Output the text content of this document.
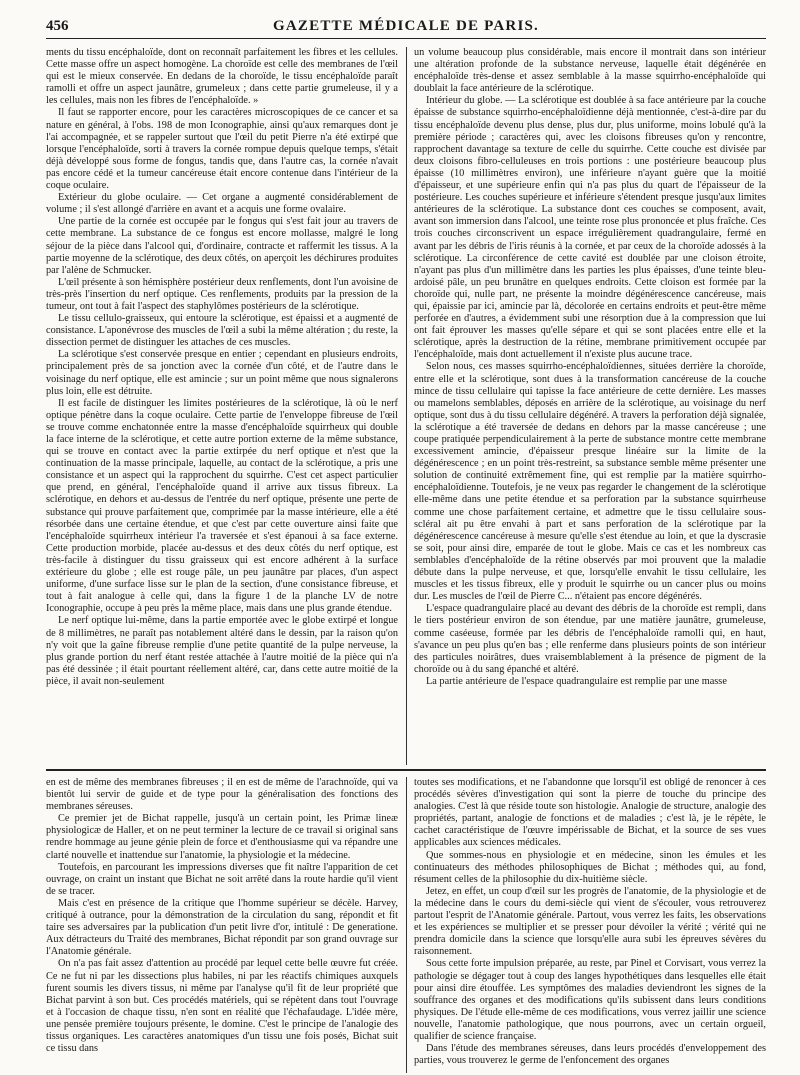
456	GAZETTE MÉDICALE DE PARIS.

ments du tissu encéphaloïde, dont on reconnaît parfaitement les fibres et les cellules. Cette masse offre un aspect homogène. La choroïde est celle des membranes de l'œil qui est le mieux conservée. En dedans de la choroïde, le tissu encéphaloïde paraît ramolli et offre un aspect jaunâtre, grumeleux ; dans cette partie grumeleuse, il y a les cellules, mais non les fibres de l'encéphaloïde. »

Il faut se rapporter encore, pour les caractères microscopiques de ce cancer et sa nature en général, à l'obs. 198 de mon Iconographie, ainsi qu'aux remarques dont je l'ai accompagnée, et se rappeler surtout que l'œil du petit Pierre n'a été extirpé que lorsque l'encéphaloïde, sorti à travers la cornée rompue depuis quelque temps, s'était déjà développé sous forme de fongus, tandis que, dans l'autre cas, la cornée n'avait pas encore cédé et la tumeur cancéreuse était encore contenue dans l'intérieur de la coque oculaire.

Extérieur du globe oculaire. — Cet organe a augmenté considérablement de volume ; il s'est allongé d'arrière en avant et a acquis une forme ovalaire.

Une partie de la cornée est occupée par le fongus qui s'est fait jour au travers de cette membrane. La substance de ce fongus est encore mollasse, malgré le long séjour de la pièce dans l'alcool qui, d'ordinaire, contracte et raffermit les tissus. A la partie moyenne de la sclérotique, des deux côtés, on aperçoit les déchirures produites par l'alène de Schmucker.

L'œil présente à son hémisphère postérieur deux renflements, dont l'un avoisine de très-près l'insertion du nerf optique. Ces renflements, produits par la pression de la tumeur, ont tout à fait l'aspect des staphylômes postérieurs de la sclérotique.

Le tissu cellulo-graisseux, qui entoure la sclérotique, est épaissi et a augmenté de consistance. L'aponévrose des muscles de l'œil a subi la même altération ; du reste, la dissection permet de distinguer les attaches de ces muscles.

La sclérotique s'est conservée presque en entier ; cependant en plusieurs endroits, principalement près de sa jonction avec la cornée d'un côté, et de l'autre dans le voisinage du nerf optique, elle est amincie ; sur un point même que nous signalerons plus loin, elle est détruite.

Il est facile de distinguer les limites postérieures de la sclérotique, là où le nerf optique pénètre dans la coque oculaire. Cette partie de l'enveloppe fibreuse de l'œil se trouve comme enchatonnée entre la masse d'encéphaloïde squirrheux qui double la face interne de la sclérotique, et cette autre portion externe de la même substance, qui se trouve en contact avec la partie extirpée du nerf optique et n'est que la continuation de la masse principale, laquelle, au contact de la sclérotique, a pris une consistance et un aspect qui la rapprochent du squirrhe. C'est cet aspect particulier que prend, en général, l'encéphaloïde quand il arrive aux tissus fibreux. La sclérotique, en dehors et au-dessus de l'entrée du nerf optique, présente une perte de substance qui prouve parfaitement que, comprimée par la masse intérieure, elle a été résorbée dans une certaine étendue, et que c'est par cette ouverture ainsi faite que l'encéphaloïde squirrheux intérieur l'a traversée et s'est épanoui à sa face externe. Cette production morbide, placée au-dessus et des deux côtés du nerf optique, est très-facile à distinguer du tissu graisseux qui est encore adhérent à la surface extérieure du globe ; elle est rouge pâle, un peu jaunâtre par places, d'un aspect uniforme, d'une surface lisse sur le plan de la section, d'une consistance fibreuse, et tout à fait analogue à celle qui, dans la figure 1 de la planche LV de notre Iconographie, occupe à peu près la même place, mais dans une plus grande étendue.

Le nerf optique lui-même, dans la partie emportée avec le globe extirpé et longue de 8 millimètres, ne paraît pas notablement altéré dans le dessin, par la raison qu'on n'y voit que la gaîne fibreuse remplie d'une petite quantité de la pulpe nerveuse, la plus grande portion du nerf étant restée attachée à l'autre moitié de la pièce qui n'a pas été dessinée ; il était pourtant réellement altéré, car, dans cette autre moitié de la pièce, il avait non-seulement

un volume beaucoup plus considérable, mais encore il montrait dans son intérieur une altération profonde de la substance nerveuse, laquelle était dégénérée en encéphaloïde très-dense et assez semblable à la masse squirrho-encéphaloïde qui doublait la face antérieure de la sclérotique.

Intérieur du globe. — La sclérotique est doublée à sa face antérieure par la couche épaisse de substance squirrho-encéphaloïdienne déjà mentionnée, c'est-à-dire par du tissu encéphaloïde devenu plus dense, plus dur, plus uniforme, moins lobulé qu'à la première période ; caractères qui, avec les cloisons fibreuses qu'on y rencontre, rapprochent davantage sa texture de celle du squirrhe. Cette couche est divisée par deux cloisons fibro-celluleuses en trois portions : une postérieure beaucoup plus épaisse (10 millimètres environ), une inférieure n'ayant guère que la moitié d'épaisseur, et une supérieure enfin qui n'a pas plus du quart de l'épaisseur de la postérieure. Les couches supérieure et inférieure s'étendent presque jusqu'aux limites antérieures de la sclérotique. La substance dont ces couches se composent, avait, avant son immersion dans l'alcool, une teinte rose plus prononcée et plus fraîche. Ces trois couches circonscrivent un espace irrégulièrement quadrangulaire, fermé en avant par les débris de l'iris réunis à la cornée, et par ceux de la choroïde adossés à la sclérotique. La circonférence de cette cavité est doublée par une cloison étroite, n'ayant pas plus d'un millimètre dans les parties les plus épaisses, d'une teinte bleu-ardoisé pâle, un peu brunâtre en quelques endroits. Cette cloison est formée par la choroïde qui, nulle part, ne présente la moindre dégénérescence cancéreuse, mais qui, épaissie par ici, amincie par là, décolorée en certains endroits et peut-être même perforée en d'autres, a évidemment subi une résorption due à la compression que lui ont fait éprouver les masses qu'elle sépare et qui se sont placées entre elle et la sclérotique, après la destruction de la rétine, membrane primitivement occupée par l'encéphaloïde, mais dont actuellement il n'existe plus aucune trace.

Selon nous, ces masses squirrho-encéphaloïdiennes, situées derrière la choroïde, entre elle et la sclérotique, sont dues à la transformation cancéreuse de la couche mince de tissu cellulaire qui tapisse la face antérieure de cette dernière. Les masses ou mamelons semblables, déposés en arrière de la sclérotique, au voisinage du nerf optique, sont dus à du tissu cellulaire dégénéré. A travers la perforation déjà signalée, la sclérotique a été traversée de dedans en dehors par la masse cancéreuse ; une coupe pratiquée perpendiculairement à la perte de substance montre cette membrane excessivement amincie, d'épaisseur presque linéaire sur la limite de la dégénérescence ; en un point très-restreint, sa substance semble même présenter une solution de continuité extrêmement fine, qui est remplie par la matière squirrho-encéphaloïdienne. Toutefois, je ne veux pas regarder le changement de la sclérotique elle-même dans une petite étendue et sa perforation par la substance squirrheuse comme une chose parfaitement certaine, et admettre que le tissu cellulaire sous-scléral ait pu être envahi à part et sans perforation de la sclérotique par la dégénérescence cancéreuse à mesure qu'elle s'est étendue au loin, et que la dyscrasie se soit, pour ainsi dire, emparée de tout le globe. Mais ce cas et les nombreux cas semblables d'encéphaloïde de la rétine observés par moi prouvent que la maladie débute dans la pulpe nerveuse, et que, lorsqu'elle envahit le tissu cellulaire, les muscles et les tissus fibreux, elle y produit le squirrhe ou un cancer plus ou moins dur. Les muscles de l'œil de Pierre C... n'étaient pas encore dégénérés.

L'espace quadrangulaire placé au devant des débris de la choroïde est rempli, dans le tiers postérieur environ de son étendue, par une matière jaunâtre, grumeleuse, comme caséeuse, formée par les débris de l'encéphaloïde ramolli qui, en haut, s'avance un peu plus qu'en bas ; elle renferme dans plusieurs points de son intérieur des particules noirâtres, dues vraisemblablement à la présence de pigment de la choroïde ou à du sang épanché et altéré.

La partie antérieure de l'espace quadrangulaire est remplie par une masse

en est de même des membranes fibreuses ; il en est de même de l'arachnoïde, qui va bientôt lui servir de guide et de type pour la généralisation des fonctions des membranes séreuses.

Ce premier jet de Bichat rappelle, jusqu'à un certain point, les Primæ lineæ physiologicæ de Haller, et on ne peut terminer la lecture de ce travail si original sans rendre hommage au jeune génie plein de force et d'enthousiasme qui va répandre une clarté nouvelle et inattendue sur l'anatomie, la physiologie et la médecine.

Toutefois, en parcourant les impressions diverses que fit naître l'apparition de cet ouvrage, on craint un instant que Bichat ne soit arrêté dans la route hardie qu'il vient de se tracer.

Mais c'est en présence de la critique que l'homme supérieur se décèle. Harvey, critiqué à outrance, pour la démonstration de la circulation du sang, répondit et fit taire ses adversaires par la publication d'un petit livre d'or, intitulé : De generatione. Aux détracteurs du Traité des membranes, Bichat répondit par son grand ouvrage sur l'Anatomie générale.

On n'a pas fait assez d'attention au procédé par lequel cette belle œuvre fut créée. Ce ne fut ni par les dissections plus habiles, ni par les réactifs chimiques auxquels furent soumis les divers tissus, ni même par l'analyse qu'il fit de leur propriété que Bichat parvint à son but. Ces procédés matériels, qui se répètent dans tout l'ouvrage et à l'occasion de chaque tissu, n'en sont en réalité que l'échafaudage. L'idée mère, une pensée première toujours présente, le domine. C'est le principe de l'analogie des tissus organiques. Les caractères anatomiques d'un tissu une fois posés, Bichat suit ce tissu dans

toutes ses modifications, et ne l'abandonne que lorsqu'il est obligé de renoncer à ces procédés sévères d'investigation qui sont la pierre de touche du principe des analogies. C'est là que réside toute son histologie. Analogie de structure, analogie des propriétés, partant, analogie de fonctions et de maladies ; c'est là, je le répète, le cachet caractéristique de l'œuvre impérissable de Bichat, et la source de ses vues applicables aux sciences médicales.

Que sommes-nous en physiologie et en médecine, sinon les émules et les continuateurs des méthodes philosophiques de Bichat ; méthodes qui, au fond, résument celles de la philosophie du dix-huitième siècle.

Jetez, en effet, un coup d'œil sur les progrès de l'anatomie, de la physiologie et de la médecine dans le cours du demi-siècle qui vient de s'écouler, vous retrouverez partout l'esprit de l'Anatomie générale. Partout, vous verrez les faits, les observations et les expériences se multiplier et se presser pour dévoiler la vérité ; vérité qui ne prendra domicile dans la science que lorsqu'elle aura subi les épreuves sévères du raisonnement.

Sous cette forte impulsion préparée, au reste, par Pinel et Corvisart, vous verrez la pathologie se dégager tout à coup des langes hypothétiques dans lesquelles elle était pour ainsi dire étouffée. Les symptômes des maladies deviendront les signes de la souffrance des organes et des modifications qu'ils subissent dans leurs conditions physiques. De l'étude elle-même de ces modifications, vous verrez jaillir une science nouvelle, l'anatomie pathologique, que nous pourrons, avec un certain orgueil, qualifier de science française.

Dans l'étude des membranes séreuses, dans leurs procédés d'enveloppement des parties, vous trouverez le germe de l'enfoncement des organes
